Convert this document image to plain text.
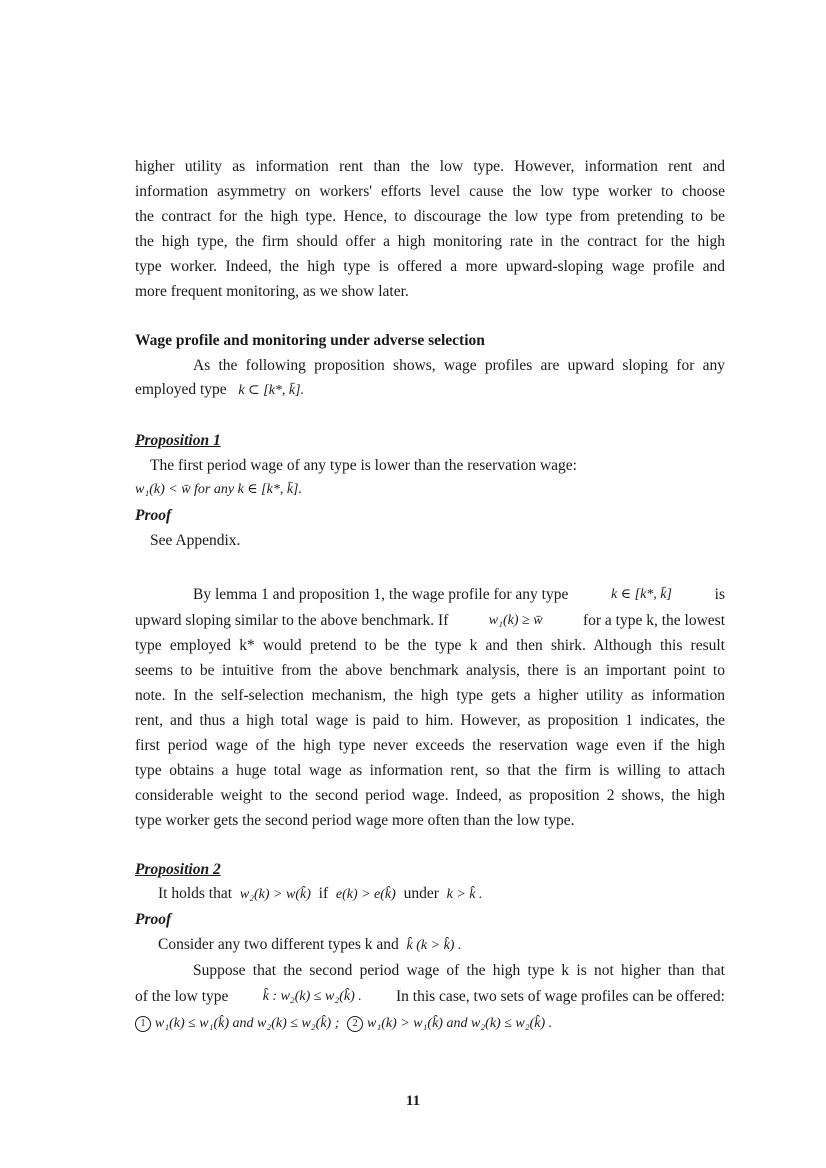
higher utility as information rent than the low type. However, information rent and
information asymmetry on workers' efforts level cause the low type worker to choose
the contract for the high type. Hence, to discourage the low type from pretending to be
the high type, the firm should offer a high monitoring rate in the contract for the high
type worker. Indeed, the high type is offered a more upward-sloping wage profile and
more frequent monitoring, as we show later.
Wage profile and monitoring under adverse selection
As the following proposition shows, wage profiles are upward sloping for any
employed type k ⊂ [k*, k̄].
Proposition 1
The first period wage of any type is lower than the reservation wage:
w₁(k) < w̄ for any k ∈ [k*, k̄].
Proof
See Appendix.
By lemma 1 and proposition 1, the wage profile for any type	k ∈ [k*, k̄]	is
upward sloping similar to the above benchmark. If	w₁(k) ≥ w̄	for a type k, the lowest
type employed k* would pretend to be the type k and then shirk. Although this result
seems to be intuitive from the above benchmark analysis, there is an important point to
note. In the self-selection mechanism, the high type gets a higher utility as information
rent, and thus a high total wage is paid to him. However, as proposition 1 indicates, the
first period wage of the high type never exceeds the reservation wage even if the high
type obtains a huge total wage as information rent, so that the firm is willing to attach
considerable weight to the second period wage. Indeed, as proposition 2 shows, the high
type worker gets the second period wage more often than the low type.
Proposition 2
It holds that w₂(k) > w(k̂) if e(k) > e(k̂) under k > k̂ .
Proof
Consider any two different types k and k̂ (k > k̂) .
Suppose that the second period wage of the high type k is not higher than that
of the low type k̂ : w₂(k) ≤ w₂(k̂) . In this case, two sets of wage profiles can be offered:
1 w₁(k) ≤ w₁(k̂) and w₂(k) ≤ w₂(k̂) ; 2 w₁(k) > w₁(k̂) and w₂(k) ≤ w₂(k̂) .
11
